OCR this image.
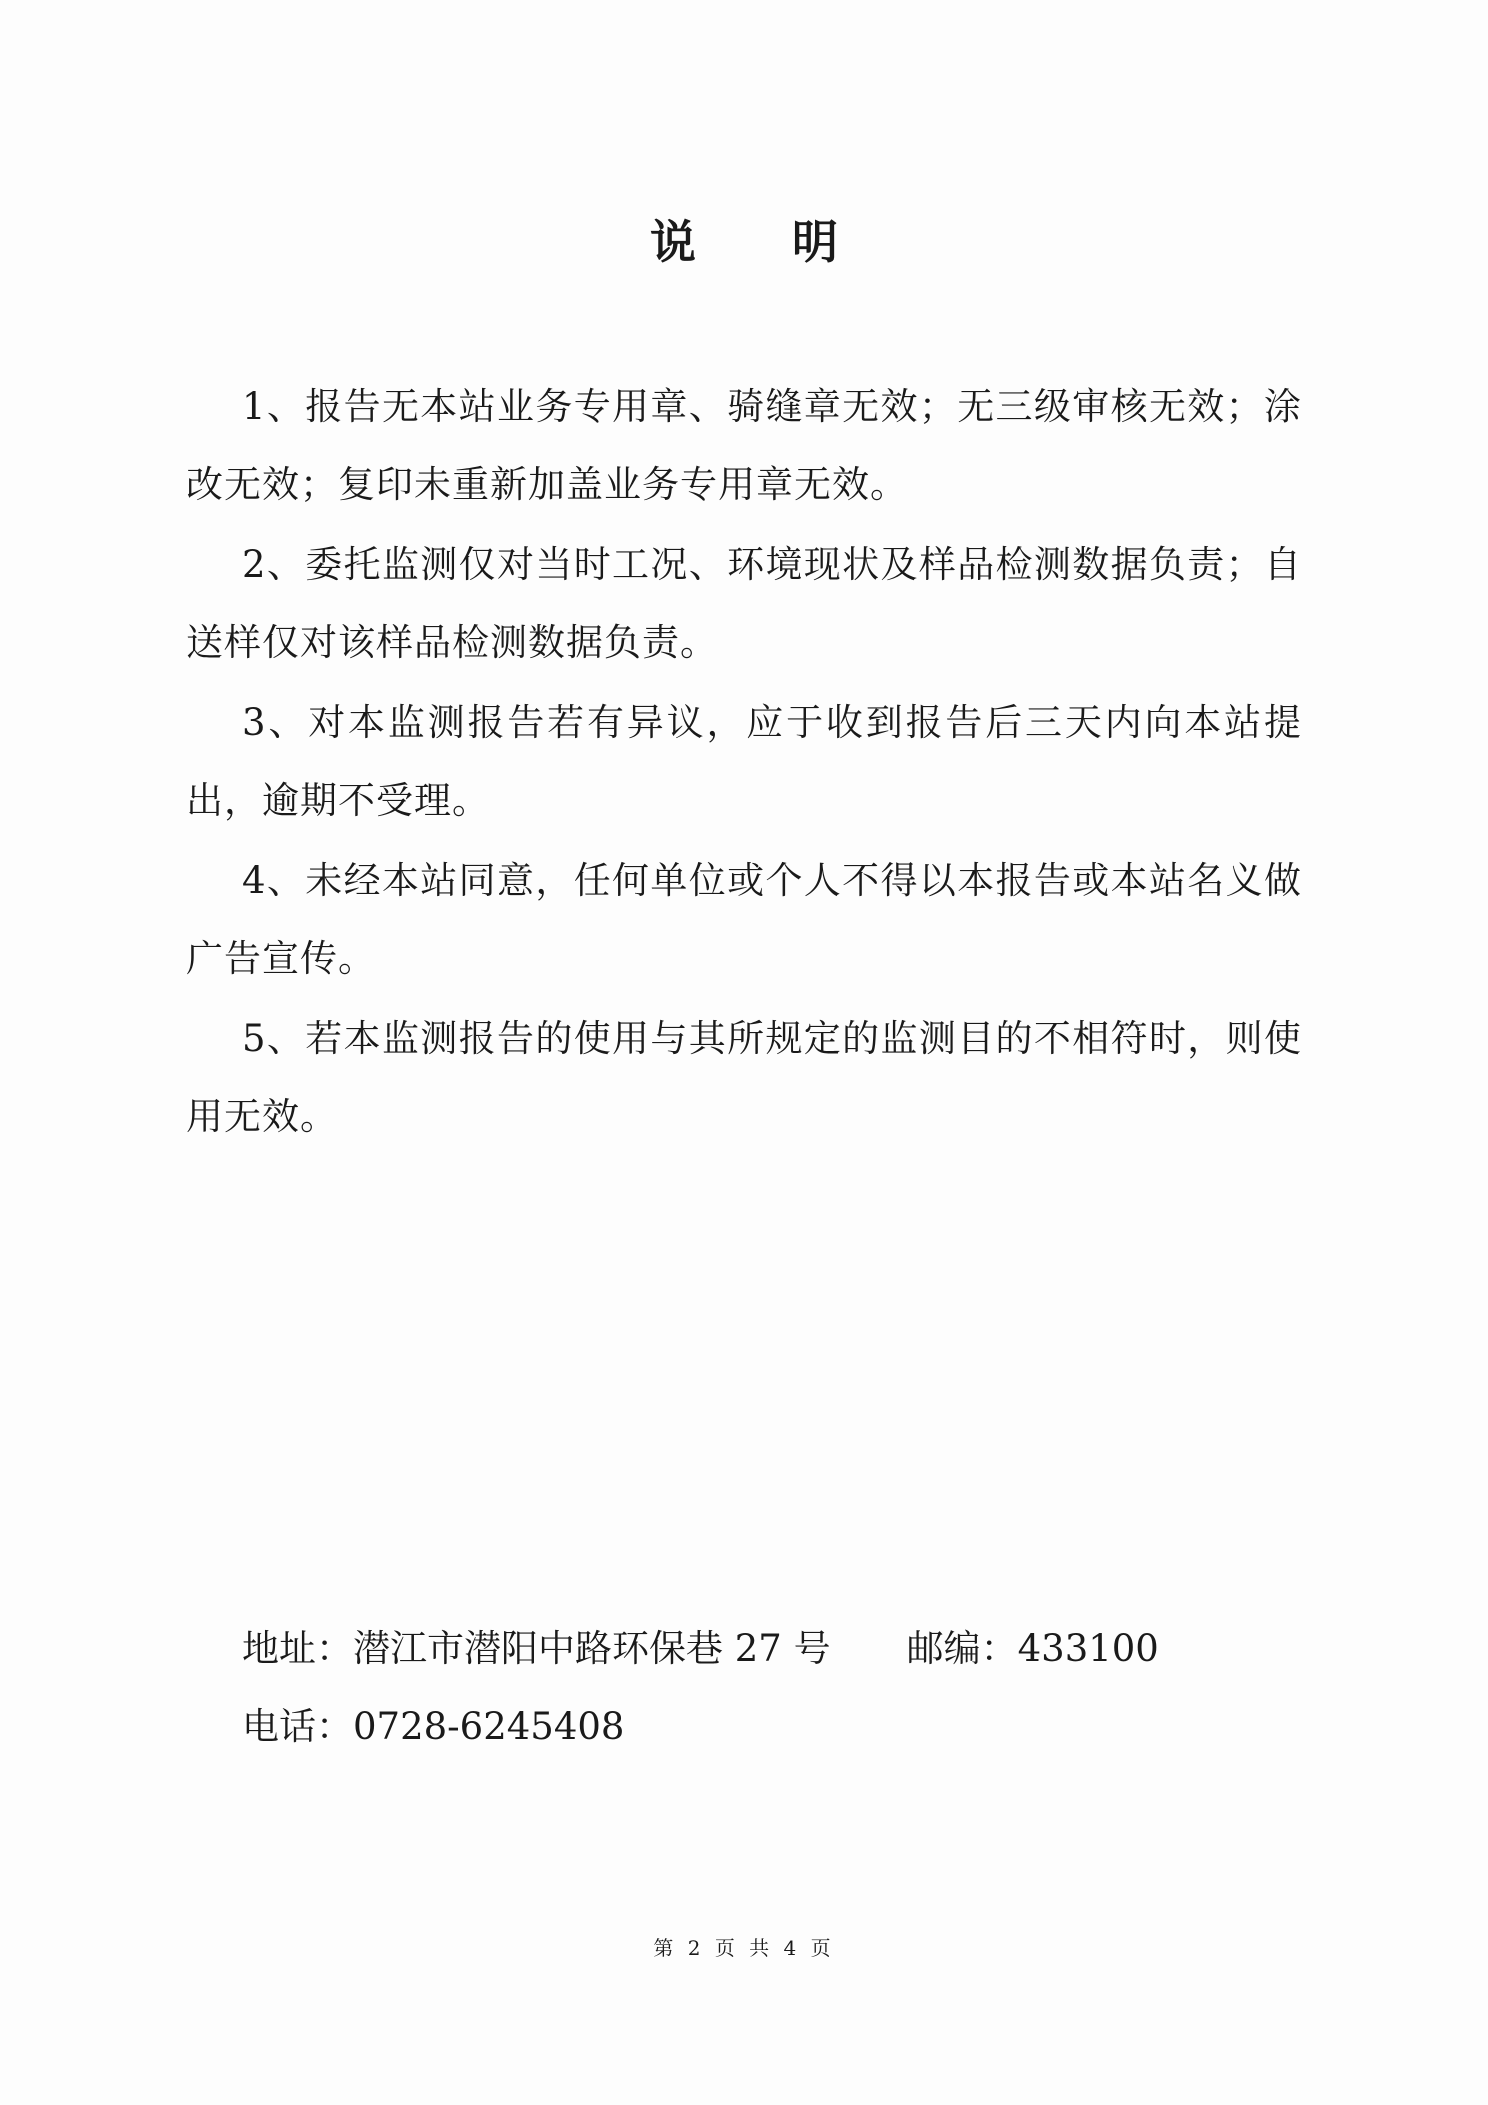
说 明

1、报告无本站业务专用章、骑缝章无效；无三级审核无效；涂改无效；复印未重新加盖业务专用章无效。

2、委托监测仅对当时工况、环境现状及样品检测数据负责；自送样仅对该样品检测数据负责。

3、对本监测报告若有异议，应于收到报告后三天内向本站提出，逾期不受理。

4、未经本站同意，任何单位或个人不得以本报告或本站名义做广告宣传。

5、若本监测报告的使用与其所规定的监测目的不相符时，则使用无效。

地址：潜江市潜阳中路环保巷 27 号 邮编：433100
电话：0728-6245408
第 2 页 共 4 页
